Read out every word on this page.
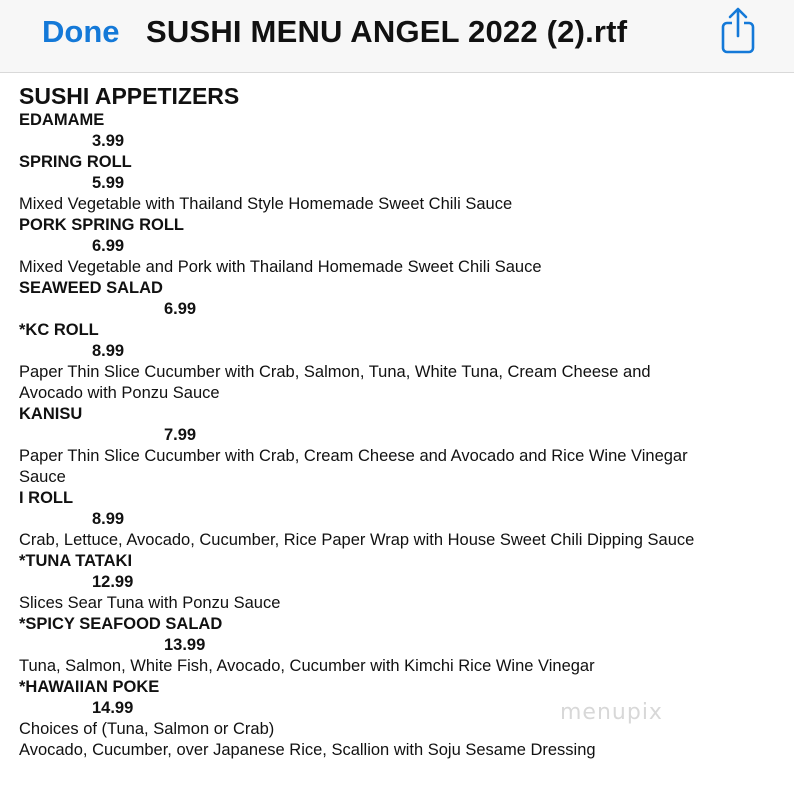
Done SUSHI MENU ANGEL 2022 (2).rtf
SUSHI APPETIZERS
EDAMAME
3.99
SPRING ROLL
5.99
Mixed Vegetable with Thailand Style Homemade Sweet Chili Sauce
PORK SPRING ROLL
6.99
Mixed Vegetable and Pork with Thailand Homemade Sweet Chili Sauce
SEAWEED SALAD
6.99
*KC ROLL
8.99
Paper Thin Slice Cucumber with Crab, Salmon, Tuna, White Tuna, Cream Cheese and
Avocado with Ponzu Sauce
KANISU
7.99
Paper Thin Slice Cucumber with Crab, Cream Cheese and Avocado and Rice Wine Vinegar
Sauce
I ROLL
8.99
Crab, Lettuce, Avocado, Cucumber, Rice Paper Wrap with House Sweet Chili Dipping Sauce
*TUNA TATAKI
12.99
Slices Sear Tuna with Ponzu Sauce
*SPICY SEAFOOD SALAD
13.99
Tuna, Salmon, White Fish, Avocado, Cucumber with Kimchi Rice Wine Vinegar
*HAWAIIAN POKE
14.99
Choices of (Tuna, Salmon or Crab)
Avocado, Cucumber, over Japanese Rice, Scallion with Soju Sesame Dressing
menupix
